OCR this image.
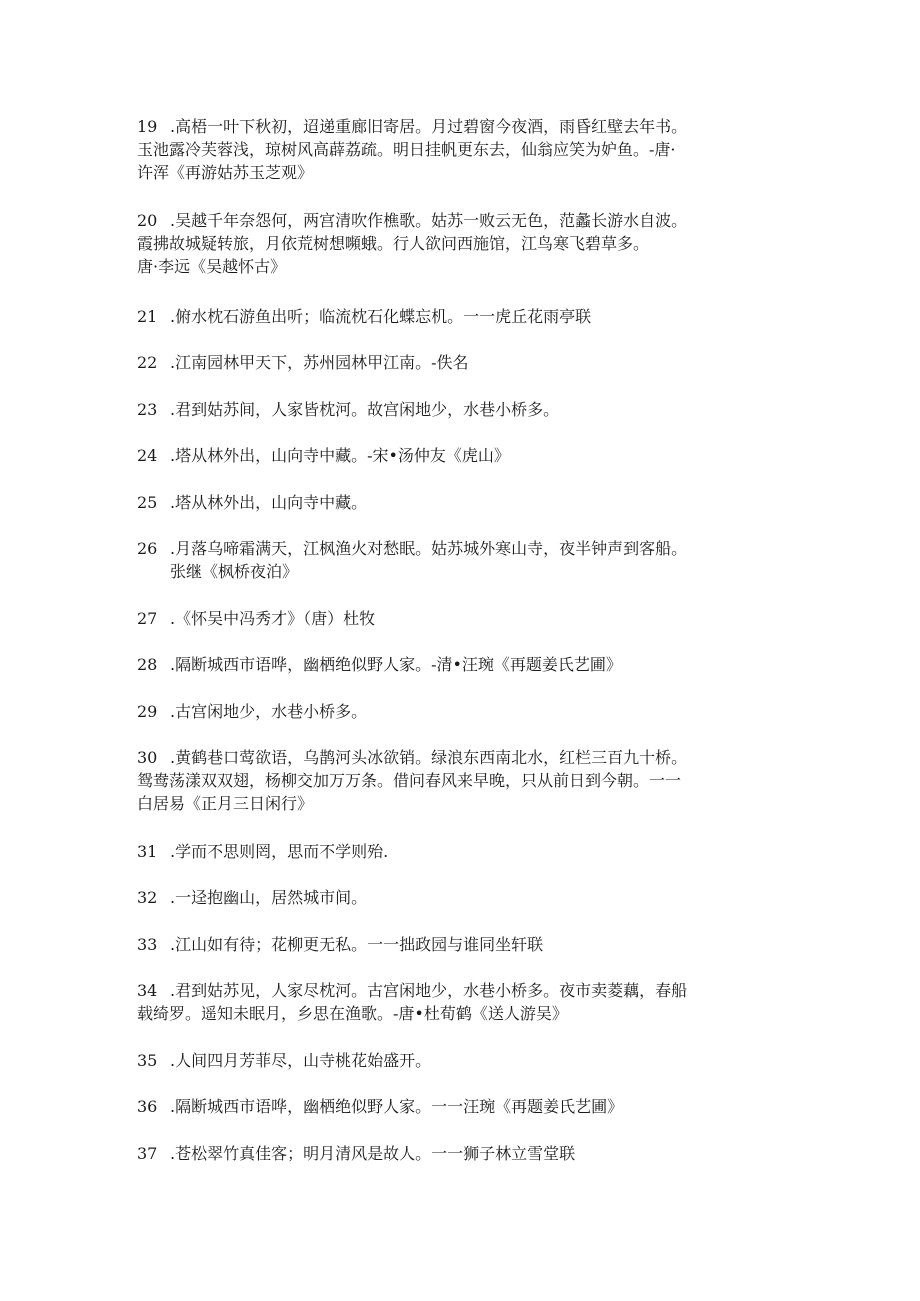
19 .高梧一叶下秋初，迢递重廊旧寄居。月过碧窗今夜酒，雨昏红壁去年书。
玉池露冷芙蓉浅，琼树风高薜荔疏。明日挂帆更东去，仙翁应笑为妒鱼。-唐·
许浑《再游姑苏玉芝观》
20 .吴越千年奈怨何，两宫清吹作樵歌。姑苏一败云无色，范蠡长游水自波。
霞拂故城疑转旅，月依荒树想嚬蛾。行人欲问西施馆，江鸟寒飞碧草多。
唐·李远《吴越怀古》
21 .俯水枕石游鱼出听；临流枕石化蝶忘机。一一虎丘花雨亭联
22 .江南园林甲天下，苏州园林甲江南。-佚名
23 .君到姑苏间，人家皆枕河。故宫闲地少，水巷小桥多。
24 .塔从林外出，山向寺中藏。-宋•汤仲友《虎山》
25 .塔从林外出，山向寺中藏。
26 .月落乌啼霜满天，江枫渔火对愁眠。姑苏城外寒山寺，夜半钟声到客船。
张继《枫桥夜泊》
27 .《怀吴中冯秀才》（唐）杜牧
28 .隔断城西市语哗，幽栖绝似野人家。-清•汪琬《再题姜氏艺圃》
29 .古宫闲地少，水巷小桥多。
30 .黄鹤巷口莺欲语，乌鹊河头冰欲销。绿浪东西南北水，红栏三百九十桥。
鸳鸯荡漾双双翅，杨柳交加万万条。借问春风来早晚，只从前日到今朝。一一
白居易《正月三日闲行》
31 .学而不思则罔，思而不学则殆.
32 .一迳抱幽山，居然城市间。
33 .江山如有待；花柳更无私。一一拙政园与谁同坐轩联
34 .君到姑苏见，人家尽枕河。古宫闲地少，水巷小桥多。夜市卖菱藕，春船
载绮罗。遥知未眠月，乡思在渔歌。-唐•杜荀鹤《送人游吴》
35 .人间四月芳菲尽，山寺桃花始盛开。
36 .隔断城西市语哗，幽栖绝似野人家。一一汪琬《再题姜氏艺圃》
37 .苍松翠竹真佳客；明月清风是故人。一一狮子林立雪堂联
